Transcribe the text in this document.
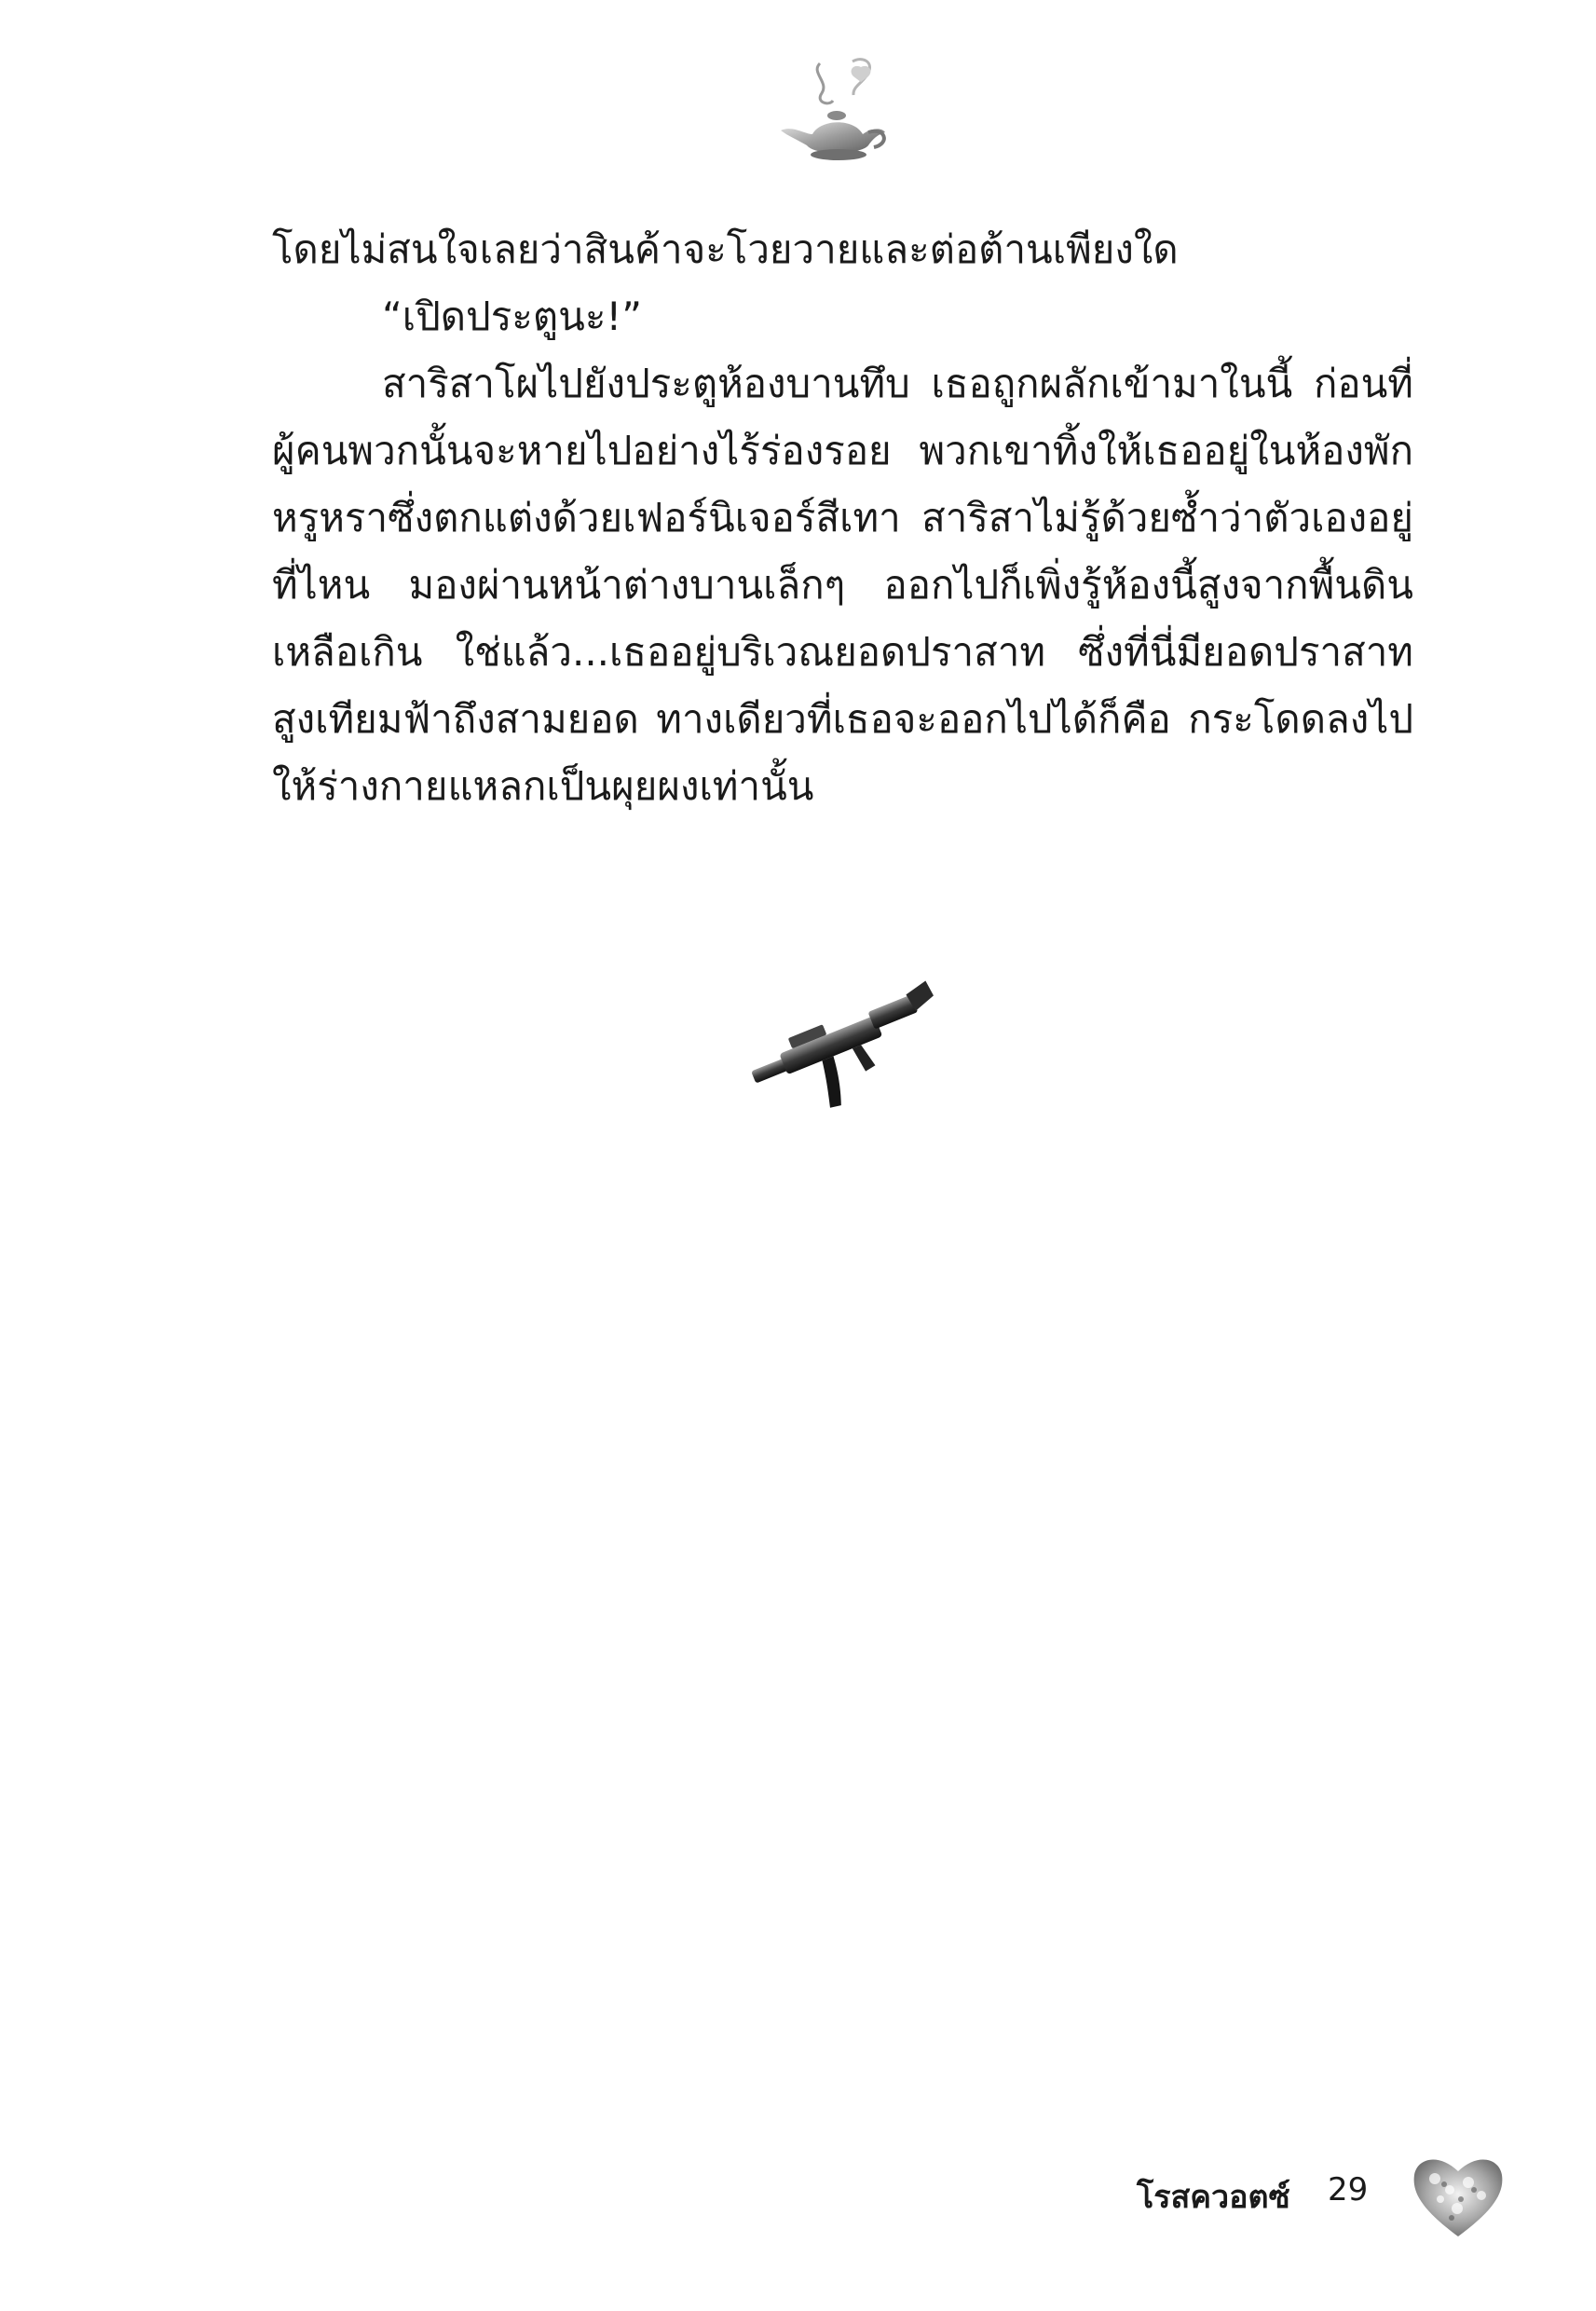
โดยไม่สนใจเลยว่าสินค้าจะโวยวายและต่อต้านเพียงใด
“เปิดประตูนะ!”
สาริสาโผไปยังประตูห้องบานทึบ เธอถูกผลักเข้ามาในนี้ ก่อนที่
ผู้คนพวกนั้นจะหายไปอย่างไร้ร่องรอย พวกเขาทิ้งให้เธออยู่ในห้องพัก
หรูหราซึ่งตกแต่งด้วยเฟอร์นิเจอร์สีเทา สาริสาไม่รู้ด้วยซ้ำว่าตัวเองอยู่
ที่ไหน มองผ่านหน้าต่างบานเล็กๆ ออกไปก็เพิ่งรู้ห้องนี้สูงจากพื้นดิน
เหลือเกิน ใช่แล้ว...เธออยู่บริเวณยอดปราสาท ซึ่งที่นี่มียอดปราสาท
สูงเทียมฟ้าถึงสามยอด ทางเดียวที่เธอจะออกไปได้ก็คือ กระโดดลงไป
ให้ร่างกายแหลกเป็นผุยผงเท่านั้น
โรสควอตซ์ 29
